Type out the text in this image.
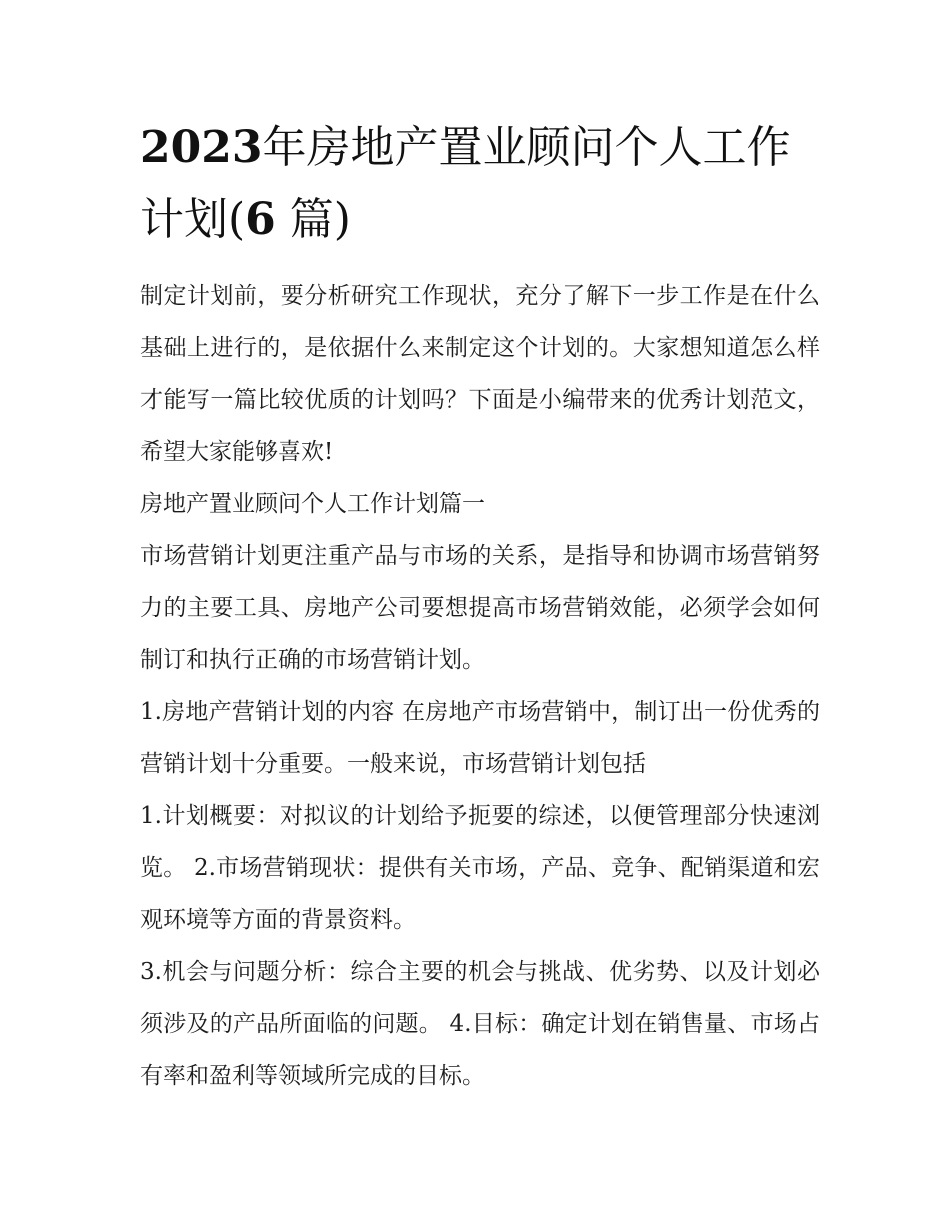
2023年房地产置业顾问个人工作计划(6 篇)

制定计划前，要分析研究工作现状，充分了解下一步工作是在什么基础上进行的，是依据什么来制定这个计划的。大家想知道怎么样才能写一篇比较优质的计划吗？下面是小编带来的优秀计划范文，希望大家能够喜欢!

房地产置业顾问个人工作计划篇一

市场营销计划更注重产品与市场的关系，是指导和协调市场营销努力的主要工具、房地产公司要想提高市场营销效能，必须学会如何制订和执行正确的市场营销计划。

1.房地产营销计划的内容 在房地产市场营销中，制订出一份优秀的营销计划十分重要。一般来说，市场营销计划包括

1.计划概要：对拟议的计划给予扼要的综述，以便管理部分快速浏览。 2.市场营销现状：提供有关市场，产品、竞争、配销渠道和宏观环境等方面的背景资料。

3.机会与问题分析：综合主要的机会与挑战、优劣势、以及计划必须涉及的产品所面临的问题。 4.目标：确定计划在销售量、市场占有率和盈利等领域所完成的目标。
